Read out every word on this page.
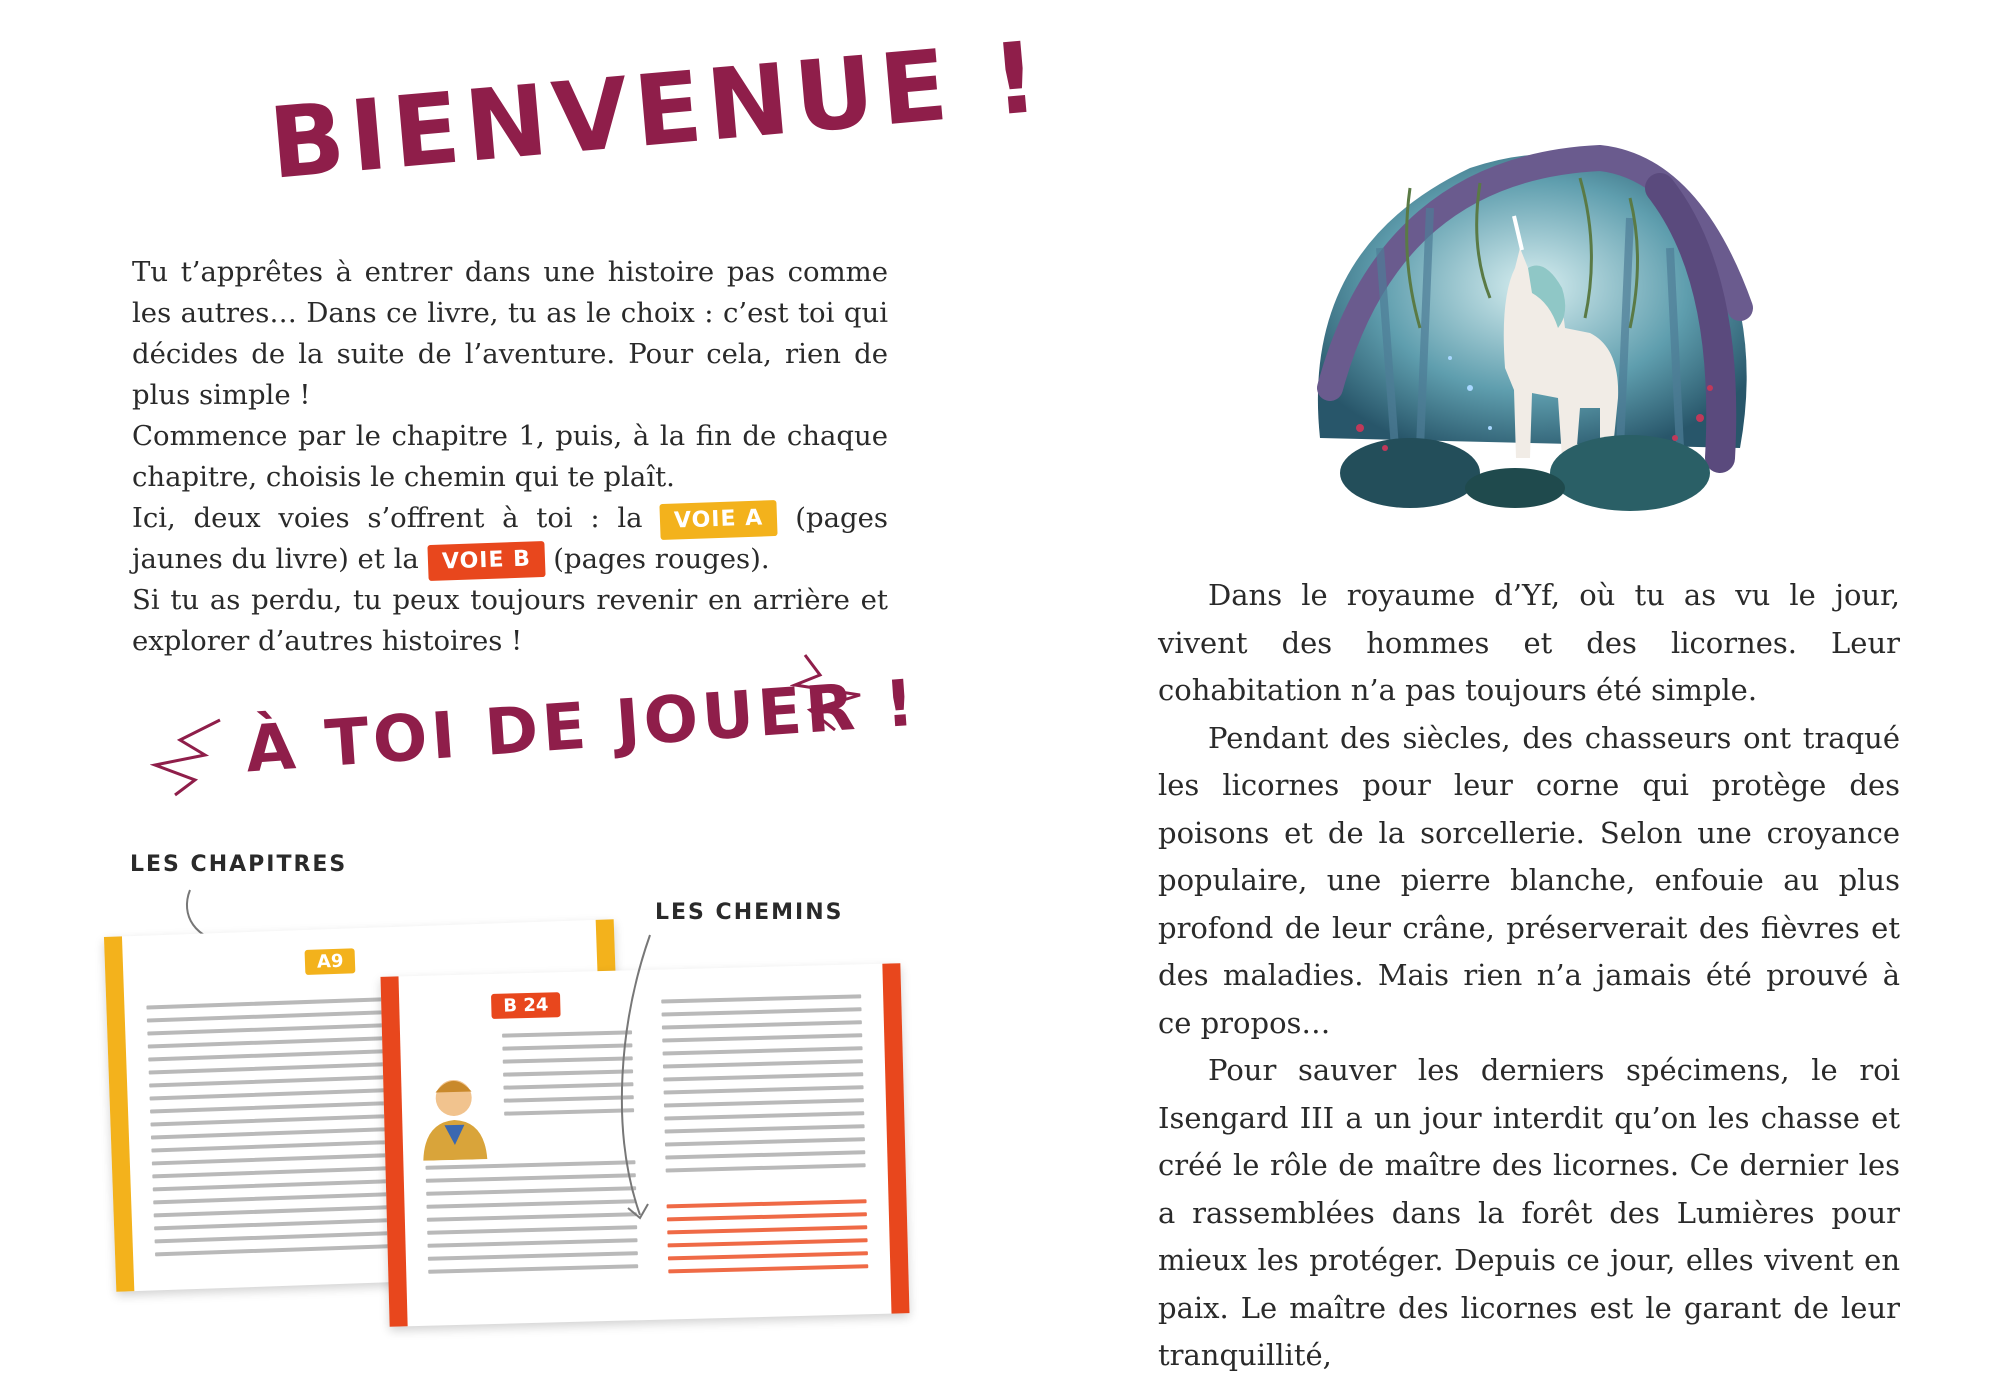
BIENVENUE !

Tu t’apprêtes à entrer dans une histoire pas comme les autres… Dans ce livre, tu as le choix : c’est toi qui décides de la suite de l’aventure. Pour cela, rien de plus simple !

Commence par le chapitre 1, puis, à la fin de chaque chapitre, choisis le chemin qui te plaît.

Ici, deux voies s’offrent à toi : la VOIE A (pages jaunes du livre) et la VOIE B (pages rouges).

Si tu as perdu, tu peux toujours revenir en arrière et explorer d’autres histoires !

À TOI DE JOUER !
LES CHAPITRES
LES CHEMINS
A9
B 24

Dans le royaume d’Yf, où tu as vu le jour, vivent des hommes et des licornes. Leur cohabitation n’a pas toujours été simple.

Pendant des siècles, des chasseurs ont traqué les licornes pour leur corne qui protège des poisons et de la sorcellerie. Selon une croyance populaire, une pierre blanche, enfouie au plus profond de leur crâne, préserverait des fièvres et des maladies. Mais rien n’a jamais été prouvé à ce propos…

Pour sauver les derniers spécimens, le roi Isengard III a un jour interdit qu’on les chasse et créé le rôle de maître des licornes. Ce dernier les a rassemblées dans la forêt des Lumières pour mieux les protéger. Depuis ce jour, elles vivent en paix. Le maître des licornes est le garant de leur tranquillité,
